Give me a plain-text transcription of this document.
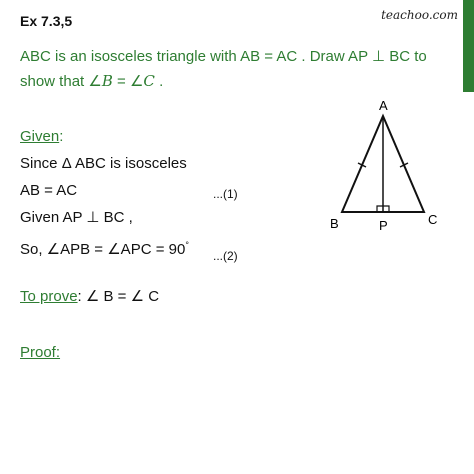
teachoo.com
Ex 7.3,5
ABC is an isosceles triangle with AB = AC . Draw AP ⊥ BC to
show that ∠B = ∠C .
Given:
Since Δ ABC is isosceles
AB = AC	...(1)
Given AP ⊥ BC ,
So, ∠APB = ∠APC = 90°
...(2)
To prove: ∠ B = ∠ C
Proof:
A
B	C
P
